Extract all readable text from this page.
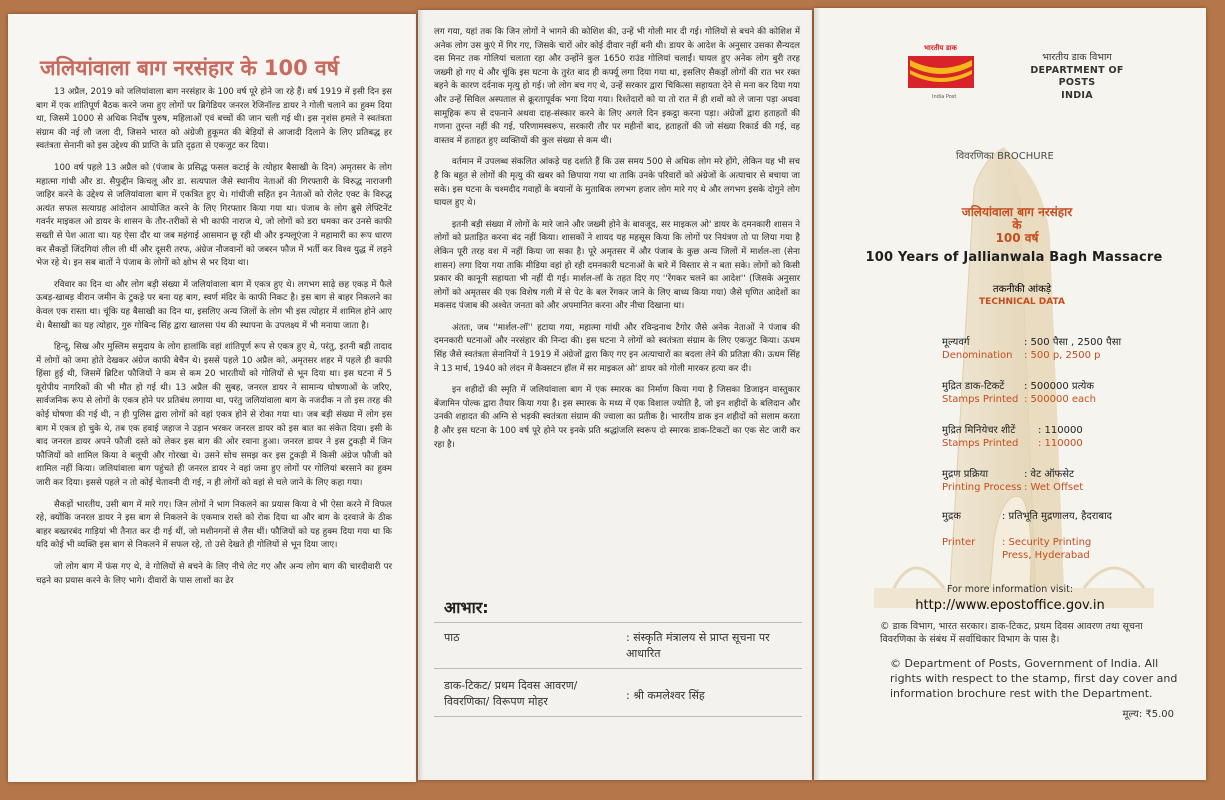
जलियांवाला बाग नरसंहार के 100 वर्ष

13 अप्रैल, 2019 को जलियांवाला बाग नरसंहार के 100 वर्ष पूरे होने जा रहे हैं। वर्ष 1919 में इसी दिन इस बाग में एक शांतिपूर्ण बैठक करने जमा हुए लोगों पर ब्रिगेडियर जनरल रेजिनॉल्ड डायर ने गोली चलाने का हुक्म दिया था, जिसमें 1000 से अधिक निर्दोष पुरुष, महिलाओं एवं बच्चों की जान चली गई थी। इस नृशंस हमले ने स्वतंत्रता संग्राम की नई लौ जला दी, जिसने भारत को अंग्रेजी हुकूमत की बेड़ियों से आजादी दिलाने के लिए प्रतिबद्ध हर स्वतंत्रता सेनानी को इस उद्देश्य की प्राप्ति के प्रति दृढ़ता से एकजुट कर दिया।

100 वर्ष पहले 13 अप्रैल को (पंजाब के प्रसिद्ध फसल कटाई के त्योहार बैसाखी के दिन) अमृतसर के लोग महात्मा गांधी और डा. सैफुद्दीन किचलू और डा. सत्यपाल जैसे स्थानीय नेताओं की गिरफ्तारी के विरुद्ध नाराजगी जाहिर करने के उद्देश्य से जलियांवाला बाग में एकत्रित हुए थे। गांधीजी सहित इन नेताओं को रोलेट एक्ट के विरुद्ध अत्यंत सफल सत्याग्रह आंदोलन आयोजित करने के लिए गिरफ्तार किया गया था। पंजाब के लोग ब्रुसे लेफ्टिनेंट गवर्नर माइकल ओ डायर के शासन के तौर-तरीकों से भी काफी नाराज थे, जो लोगों को डरा धमका कर उनसे काफी सख्ती से पेश आता था। यह ऐसा दौर था जब महंगाई आसमान छू रही थी और इन्फ्लूएंजा ने महामारी का रूप धारण कर सैकड़ों जिंदगियां लील ली थीं और दूसरी तरफ, अंग्रेज नौजवानों को जबरन फौज में भर्ती कर विश्व युद्ध में लड़ने भेज रहे थे। इन सब बातों ने पंजाब के लोगों को क्षोभ से भर दिया था।

रविवार का दिन था और लोग बड़ी संख्या में जलियांवाला बाग में एकत्र हुए थे। लगभग साढ़े छह एकड़ में फैले ऊबड़-खाबड़ वीरान जमीन के टुकड़े पर बना यह बाग, स्वर्ण मंदिर के काफी निकट है। इस बाग से बाहर निकलने का केवल एक रास्ता था। चूंकि यह बैसाखी का दिन था, इसलिए अन्य जिलों के लोग भी इस त्योहार में शामिल होने आए थे। बैसाखी का यह त्योहार, गुरु गोबिन्द सिंह द्वारा खालसा पंथ की स्थापना के उपलक्ष्य में भी मनाया जाता है।

हिन्दू, सिख और मुस्लिम समुदाय के लोग हालांकि वहां शांतिपूर्ण रूप से एकत्र हुए थे, परंतु, इतनी बड़ी तादाद में लोगों को जमा होते देखकर अंग्रेज काफी बेचैन थे। इससे पहले 10 अप्रैल को, अमृतसर शहर में पहले ही काफी हिंसा हुई थी, जिसमें ब्रिटिश फौजियों ने कम से कम 20 भारतीयों को गोलियों से भून दिया था। इस घटना में 5 यूरोपीय नागरिकों की भी मौत हो गई थी। 13 अप्रैल की सुबह, जनरल डायर ने सामान्य घोषणाओं के जरिए, सार्वजनिक रूप से लोगों के एकत्र होने पर प्रतिबंध लगाया था, परंतु जलियांवाला बाग के नजदीक न तो इस तरह की कोई घोषणा की गई थी, न ही पुलिस द्वारा लोगों को वहां एकत्र होने से रोका गया था। जब बड़ी संख्या में लोग इस बाग में एकत्र हो चुके थे, तब एक हवाई जहाज ने उड़ान भरकर जनरल डायर को इस बात का संकेत दिया। इसी के बाद जनरल डायर अपने फौजी दस्ते को लेकर इस बाग की ओर रवाना हुआ। जनरल डायर ने इस टुकड़ी में जिन फौजियों को शामिल किया वे बलूची और गोरखा थे। उसने सोच समझ कर इस टुकड़ी में किसी अंग्रेज फौजी को शामिल नहीं किया। जलियांवाला बाग पहुंचते ही जनरल डायर ने वहां जमा हुए लोगों पर गोलियां बरसाने का हुक्म जारी कर दिया। इससे पहले न तो कोई चेतावनी दी गई, न ही लोगों को वहां से चले जाने के लिए कहा गया।

सैकड़ों भारतीय, उसी बाग में मारे गए। जिन लोगों ने भाग निकलने का प्रयास किया वे भी ऐसा करने में विफल रहे, क्योंकि जनरल डायर ने इस बाग से निकलने के एकमात्र रास्ते को रोक दिया था और बाग के दरवाजे के ठीक बाहर बख्तरबंद गाड़ियां भी तैनात कर दी गई थीं, जो मशीनगनों से लैस थीं। फौजियों को यह हुक्म दिया गया था कि यदि कोई भी व्यक्ति इस बाग से निकलने में सफल रहे, तो उसे देखते ही गोलियों से भून दिया जाए।

जो लोग बाग में फंस गए थे, वे गोलियों से बचने के लिए नीचे लेट गए और अन्य लोग बाग की चारदीवारी पर चढ़ने का प्रयास करने के लिए भागे। दीवारों के पास लाशों का ढेर

लग गया, यहां तक कि जिन लोगों ने भागने की कोशिश की, उन्हें भी गोली मार दी गई। गोलियों से बचने की कोशिश में अनेक लोग उस कुएं में गिर गए, जिसके चारों ओर कोई दीवार नहीं बनी थी। डायर के आदेश के अनुसार उसका सैन्यदल दस मिनट तक गोलियां चलाता रहा और उन्होंने कुल 1650 राउंड गोलियां चलाईं। घायल हुए अनेक लोग बुरी तरह जख्मी हो गए थे और चूंकि इस घटना के तुरंत बाद ही कर्फ्यू लगा दिया गया था, इसलिए सैकड़ों लोगों की रात भर रक्त बहने के कारण दर्दनाक मृत्यु हो गई। जो लोग बच गए थे, उन्हें सरकार द्वारा चिकित्सा सहायता देने से मना कर दिया गया और उन्हें सिविल अस्पताल से क्रूरतापूर्वक भगा दिया गया। रिश्तेदारों को या तो रात में ही शवों को ले जाना पड़ा अथवा सामूहिक रूप से दफनाने अथवा दाह-संस्कार करने के लिए अगले दिन इकट्ठा करना पड़ा। अंग्रेजों द्वारा हताहतों की गणना तुरन्त नहीं की गई, परिणामस्वरूप, सरकारी तौर पर महीनों बाद, हताहतों की जो संख्या रिकार्ड की गई, वह वास्तव में हताहत हुए व्यक्तियों की कुल संख्या से कम थी।

वर्तमान में उपलब्ध संकलित आंकड़े यह दर्शाते हैं कि उस समय 500 से अधिक लोग मरे होंगे, लेकिन यह भी सच है कि बहुत से लोगों की मृत्यु की खबर को छिपाया गया था ताकि उनके परिवारों को अंग्रेजों के अत्याचार से बचाया जा सके। इस घटना के चश्मदीद गवाहों के बयानों के मुताबिक लगभग हजार लोग मारे गए थे और लगभग इसके दोगुने लोग घायल हुए थे।

इतनी बड़ी संख्या में लोगों के मारे जाने और जख्मी होने के बावजूद, सर माइकल ओ' डायर के दमनकारी शासन ने लोगों को प्रताड़ित करना बंद नहीं किया। शासकों ने शायद यह महसूस किया कि लोगों पर नियंत्रण तो पा लिया गया है लेकिन पूरी तरह वश में नहीं किया जा सका है। पूरे अमृतसर में और पंजाब के कुछ अन्य जिलों में मार्शल-ला (सेना शासन) लगा दिया गया ताकि मीडिया वहां हो रही दमनकारी घटनाओं के बारे में विस्तार से न बता सके। लोगों को किसी प्रकार की कानूनी सहायता भी नहीं दी गई। मार्शल-लॉ के तहत दिए गए ''रेंगकर चलने का आदेश'' (जिसके अनुसार लोगों को अमृतसर की एक विशेष गली में से पेट के बल रेंगकर जाने के लिए बाध्य किया गया) जैसे घृणित आदेशों का मकसद पंजाब की अश्वेत जनता को और अपमानित करना और नीचा दिखाना था।

अंततः, जब ''मार्शल-लॉ'' हटाया गया, महात्मा गांधी और रविन्द्रनाथ टैगोर जैसे अनेक नेताओं ने पंजाब की दमनकारी घटनाओं और नरसंहार की निन्दा की। इस घटना ने लोगों को स्वतंत्रता संग्राम के लिए एकजुट किया। ऊधम सिंह जैसे स्वतंत्रता सेनानियों ने 1919 में अंग्रेजों द्वारा किए गए इन अत्याचारों का बदला लेने की प्रतिज्ञा की। ऊधम सिंह ने 13 मार्च, 1940 को लंदन में कैक्सटन हॉल में सर माइकल ओ' डायर को गोली मारकर हत्या कर दी।

इन शहीदों की स्मृति में जलियांवाला बाग में एक स्मारक का निर्माण किया गया है जिसका डिजाइन वास्तुकार बेंजामिन पोल्क द्वारा तैयार किया गया है। इस स्मारक के मध्य में एक विशाल ज्योति है, जो इन शहीदों के बलिदान और उनकी शहादत की अग्नि से भड़की स्वतंत्रता संग्राम की ज्वाला का प्रतीक है। भारतीय डाक इन शहीदों को सलाम करता है और इस घटना के 100 वर्ष पूरे होने पर इनके प्रति श्रद्धांजलि स्वरूप दो स्मारक डाक-टिकटों का एक सेट जारी कर रहा है।

आभार:
पाठ	: संस्कृति मंत्रालय से प्राप्त सूचना पर आधारित
डाक-टिकट/ प्रथम दिवस आवरण/ विवरणिका/ विरूपण मोहर	: श्री कमलेश्वर सिंह
भारतीय डाक
India Post
भारतीय डाक विभाग
DEPARTMENT OF POSTS
INDIA
विवरणिका BROCHURE
जलियांवाला बाग नरसंहार
के
100 वर्ष
100 Years of Jallianwala Bagh Massacre
तकनीकी आंकड़े
TECHNICAL DATA
मूल्यवर्ग	: 500 पैसा , 2500 पैसा
Denomination : 500 p, 2500 p
मुद्रित डाक-टिकटें : 500000 प्रत्येक
Stamps Printed : 500000 each
मुद्रित मिनियेचर शीटें : 110000
Stamps Printed : 110000
मुद्रण प्रक्रिया	: वेट ऑफसेट
Printing Process : Wet Offset
मुद्रक	: प्रतिभूति मुद्रणालय, हैदराबाद
Printer	: Security Printing Press, Hyderabad
For more information visit:
http://www.epostoffice.gov.in
© डाक विभाग, भारत सरकार। डाक-टिकट, प्रथम दिवस आवरण तथा सूचना विवरणिका के संबंध में सर्वाधिकार विभाग के पास है।
© Department of Posts, Government of India. All rights with respect to the stamp, first day cover and information brochure rest with the Department.
मूल्य: ₹5.00
